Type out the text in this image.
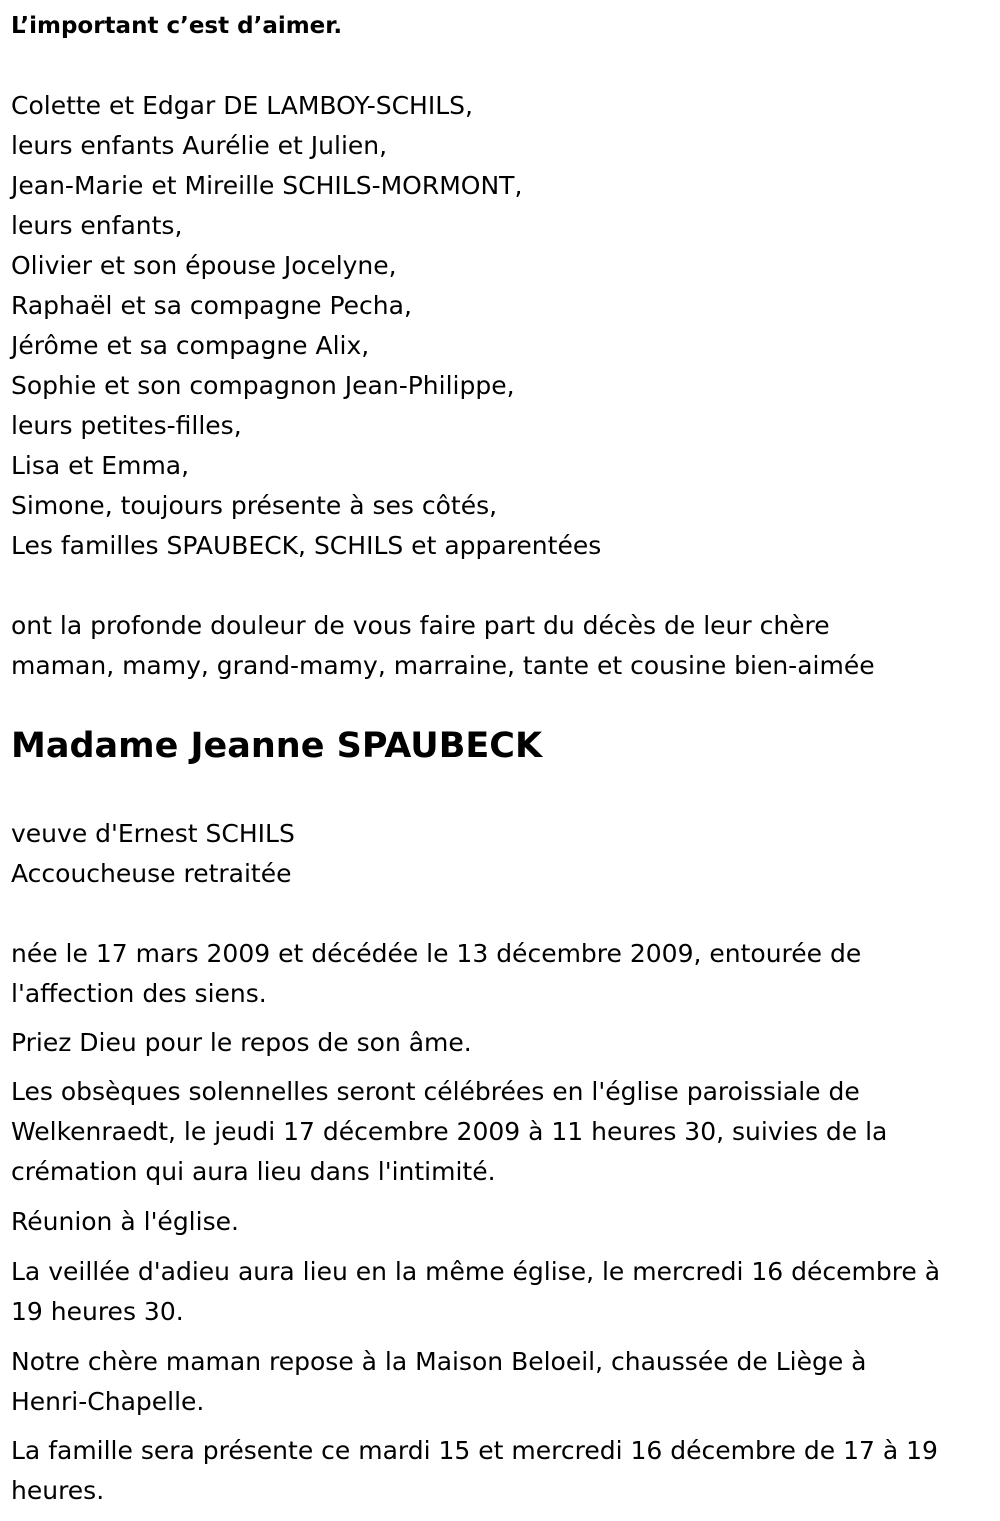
L’important c’est d’aimer.
Colette et Edgar DE LAMBOY-SCHILS,
leurs enfants Aurélie et Julien,
Jean-Marie et Mireille SCHILS-MORMONT,
leurs enfants,
Olivier et son épouse Jocelyne,
Raphaël et sa compagne Pecha,
Jérôme et sa compagne Alix,
Sophie et son compagnon Jean-Philippe,
leurs petites-filles,
Lisa et Emma,
Simone, toujours présente à ses côtés,
Les familles SPAUBECK, SCHILS et apparentées
ont la profonde douleur de vous faire part du décès de leur chère
maman, mamy, grand-mamy, marraine, tante et cousine bien-aimée
Madame Jeanne SPAUBECK
veuve d'Ernest SCHILS
Accoucheuse retraitée
née le 17 mars 2009 et décédée le 13 décembre 2009, entourée de
l'affection des siens.
Priez Dieu pour le repos de son âme.
Les obsèques solennelles seront célébrées en l'église paroissiale de
Welkenraedt, le jeudi 17 décembre 2009 à 11 heures 30, suivies de la
crémation qui aura lieu dans l'intimité.
Réunion à l'église.
La veillée d'adieu aura lieu en la même église, le mercredi 16 décembre à
19 heures 30.
Notre chère maman repose à la Maison Beloeil, chaussée de Liège à
Henri-Chapelle.
La famille sera présente ce mardi 15 et mercredi 16 décembre de 17 à 19
heures.
